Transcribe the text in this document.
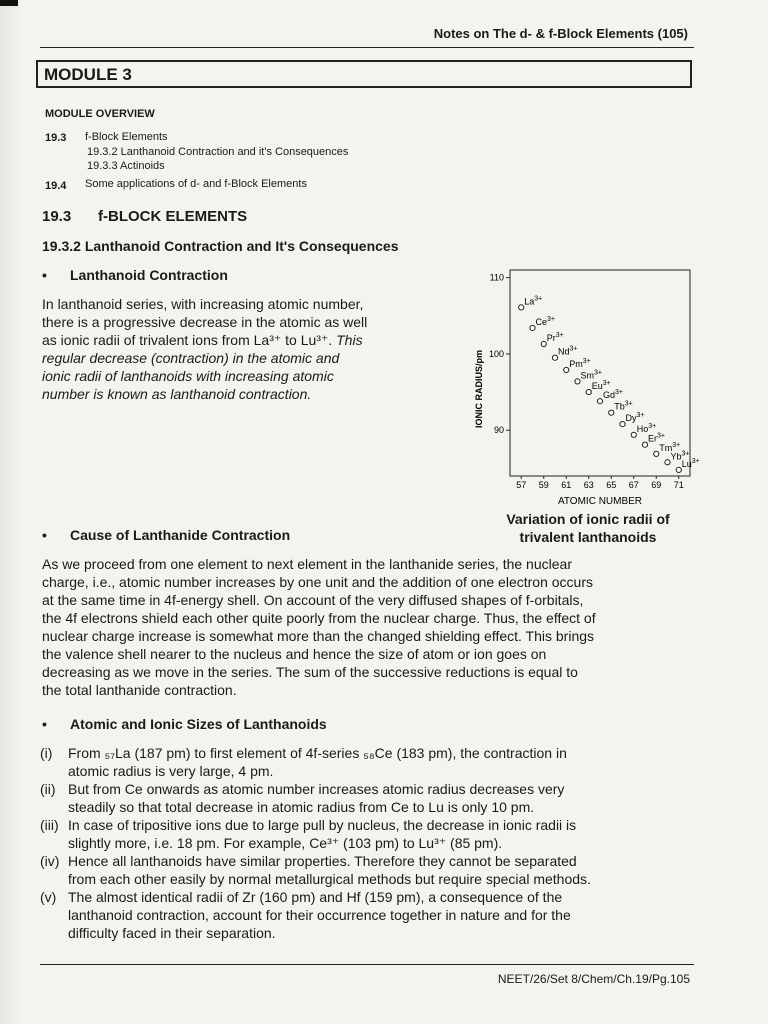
Notes on The d- & f-Block Elements (105)
MODULE 3
MODULE OVERVIEW
19.3 f-Block Elements
19.3.2 Lanthanoid Contraction and it's Consequences
19.3.3 Actinoids
19.4 Some applications of d- and f-Block Elements
19.3 f-BLOCK ELEMENTS
19.3.2 Lanthanoid Contraction and It's Consequences
• Lanthanoid Contraction
In lanthanoid series, with increasing atomic number,
there is a progressive decrease in the atomic as well
as ionic radii of trivalent ions from La³⁺ to Lu³⁺. This
regular decrease (contraction) in the atomic and
ionic radii of lanthanoids with increasing atomic
number is known as lanthanoid contraction.
90
100
110
57 59 61 63 65 67 69 71
ATOMIC NUMBER
IONIC RADIUS/pm
$La^{3+}$
$Ce^{3+}$
$Pr^{3+}$
$Nd^{3+}$
$Pm^{3+}$
$Sm^{3+}$
$Eu^{3+}$
$Gd^{3+}$
$Tb^{3+}$
$Dy^{3+}$
$Ho^{3+}$
$Er^{3+}$
$Tm^{3+}$
$Yb^{3+}$
$Lu^{3+}$
Variation of ionic radii of
trivalent lanthanoids
• Cause of Lanthanide Contraction
As we proceed from one element to next element in the lanthanide series, the nuclear
charge, i.e., atomic number increases by one unit and the addition of one electron occurs
at the same time in 4f-energy shell. On account of the very diffused shapes of f-orbitals,
the 4f electrons shield each other quite poorly from the nuclear charge. Thus, the effect of
nuclear charge increase is somewhat more than the changed shielding effect. This brings
the valence shell nearer to the nucleus and hence the size of atom or ion goes on
decreasing as we move in the series. The sum of the successive reductions is equal to
the total lanthanide contraction.
• Atomic and Ionic Sizes of Lanthanoids
(i) From ₅₇La (187 pm) to first element of 4f-series ₅₈Ce (183 pm), the contraction in
atomic radius is very large, 4 pm.
(ii) But from Ce onwards as atomic number increases atomic radius decreases very
steadily so that total decrease in atomic radius from Ce to Lu is only 10 pm.
(iii) In case of tripositive ions due to large pull by nucleus, the decrease in ionic radii is
slightly more, i.e. 18 pm. For example, Ce³⁺ (103 pm) to Lu³⁺ (85 pm).
(iv) Hence all lanthanoids have similar properties. Therefore they cannot be separated
from each other easily by normal metallurgical methods but require special methods.
(v) The almost identical radii of Zr (160 pm) and Hf (159 pm), a consequence of the
lanthanoid contraction, account for their occurrence together in nature and for the
difficulty faced in their separation.
NEET/26/Set 8/Chem/Ch.19/Pg.105
